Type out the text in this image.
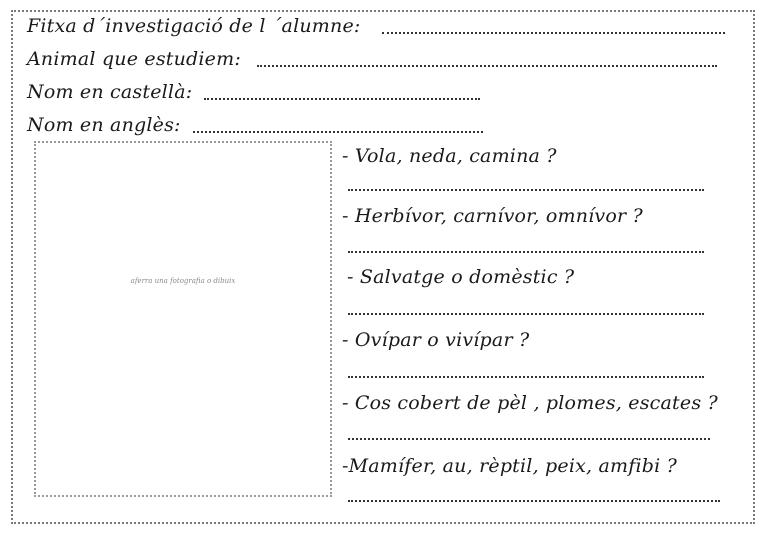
Fitxa d´investigació de l ´alumne:
Animal que estudiem:
Nom en castellà:
Nom en anglès:
aferra una fotografia o dibuix
- Vola, neda, camina ?
- Herbívor, carnívor, omnívor ?
- Salvatge o domèstic ?
- Ovípar o vivípar ?
- Cos cobert de pèl , plomes, escates ?
-Mamífer, au, rèptil, peix, amfibi ?
